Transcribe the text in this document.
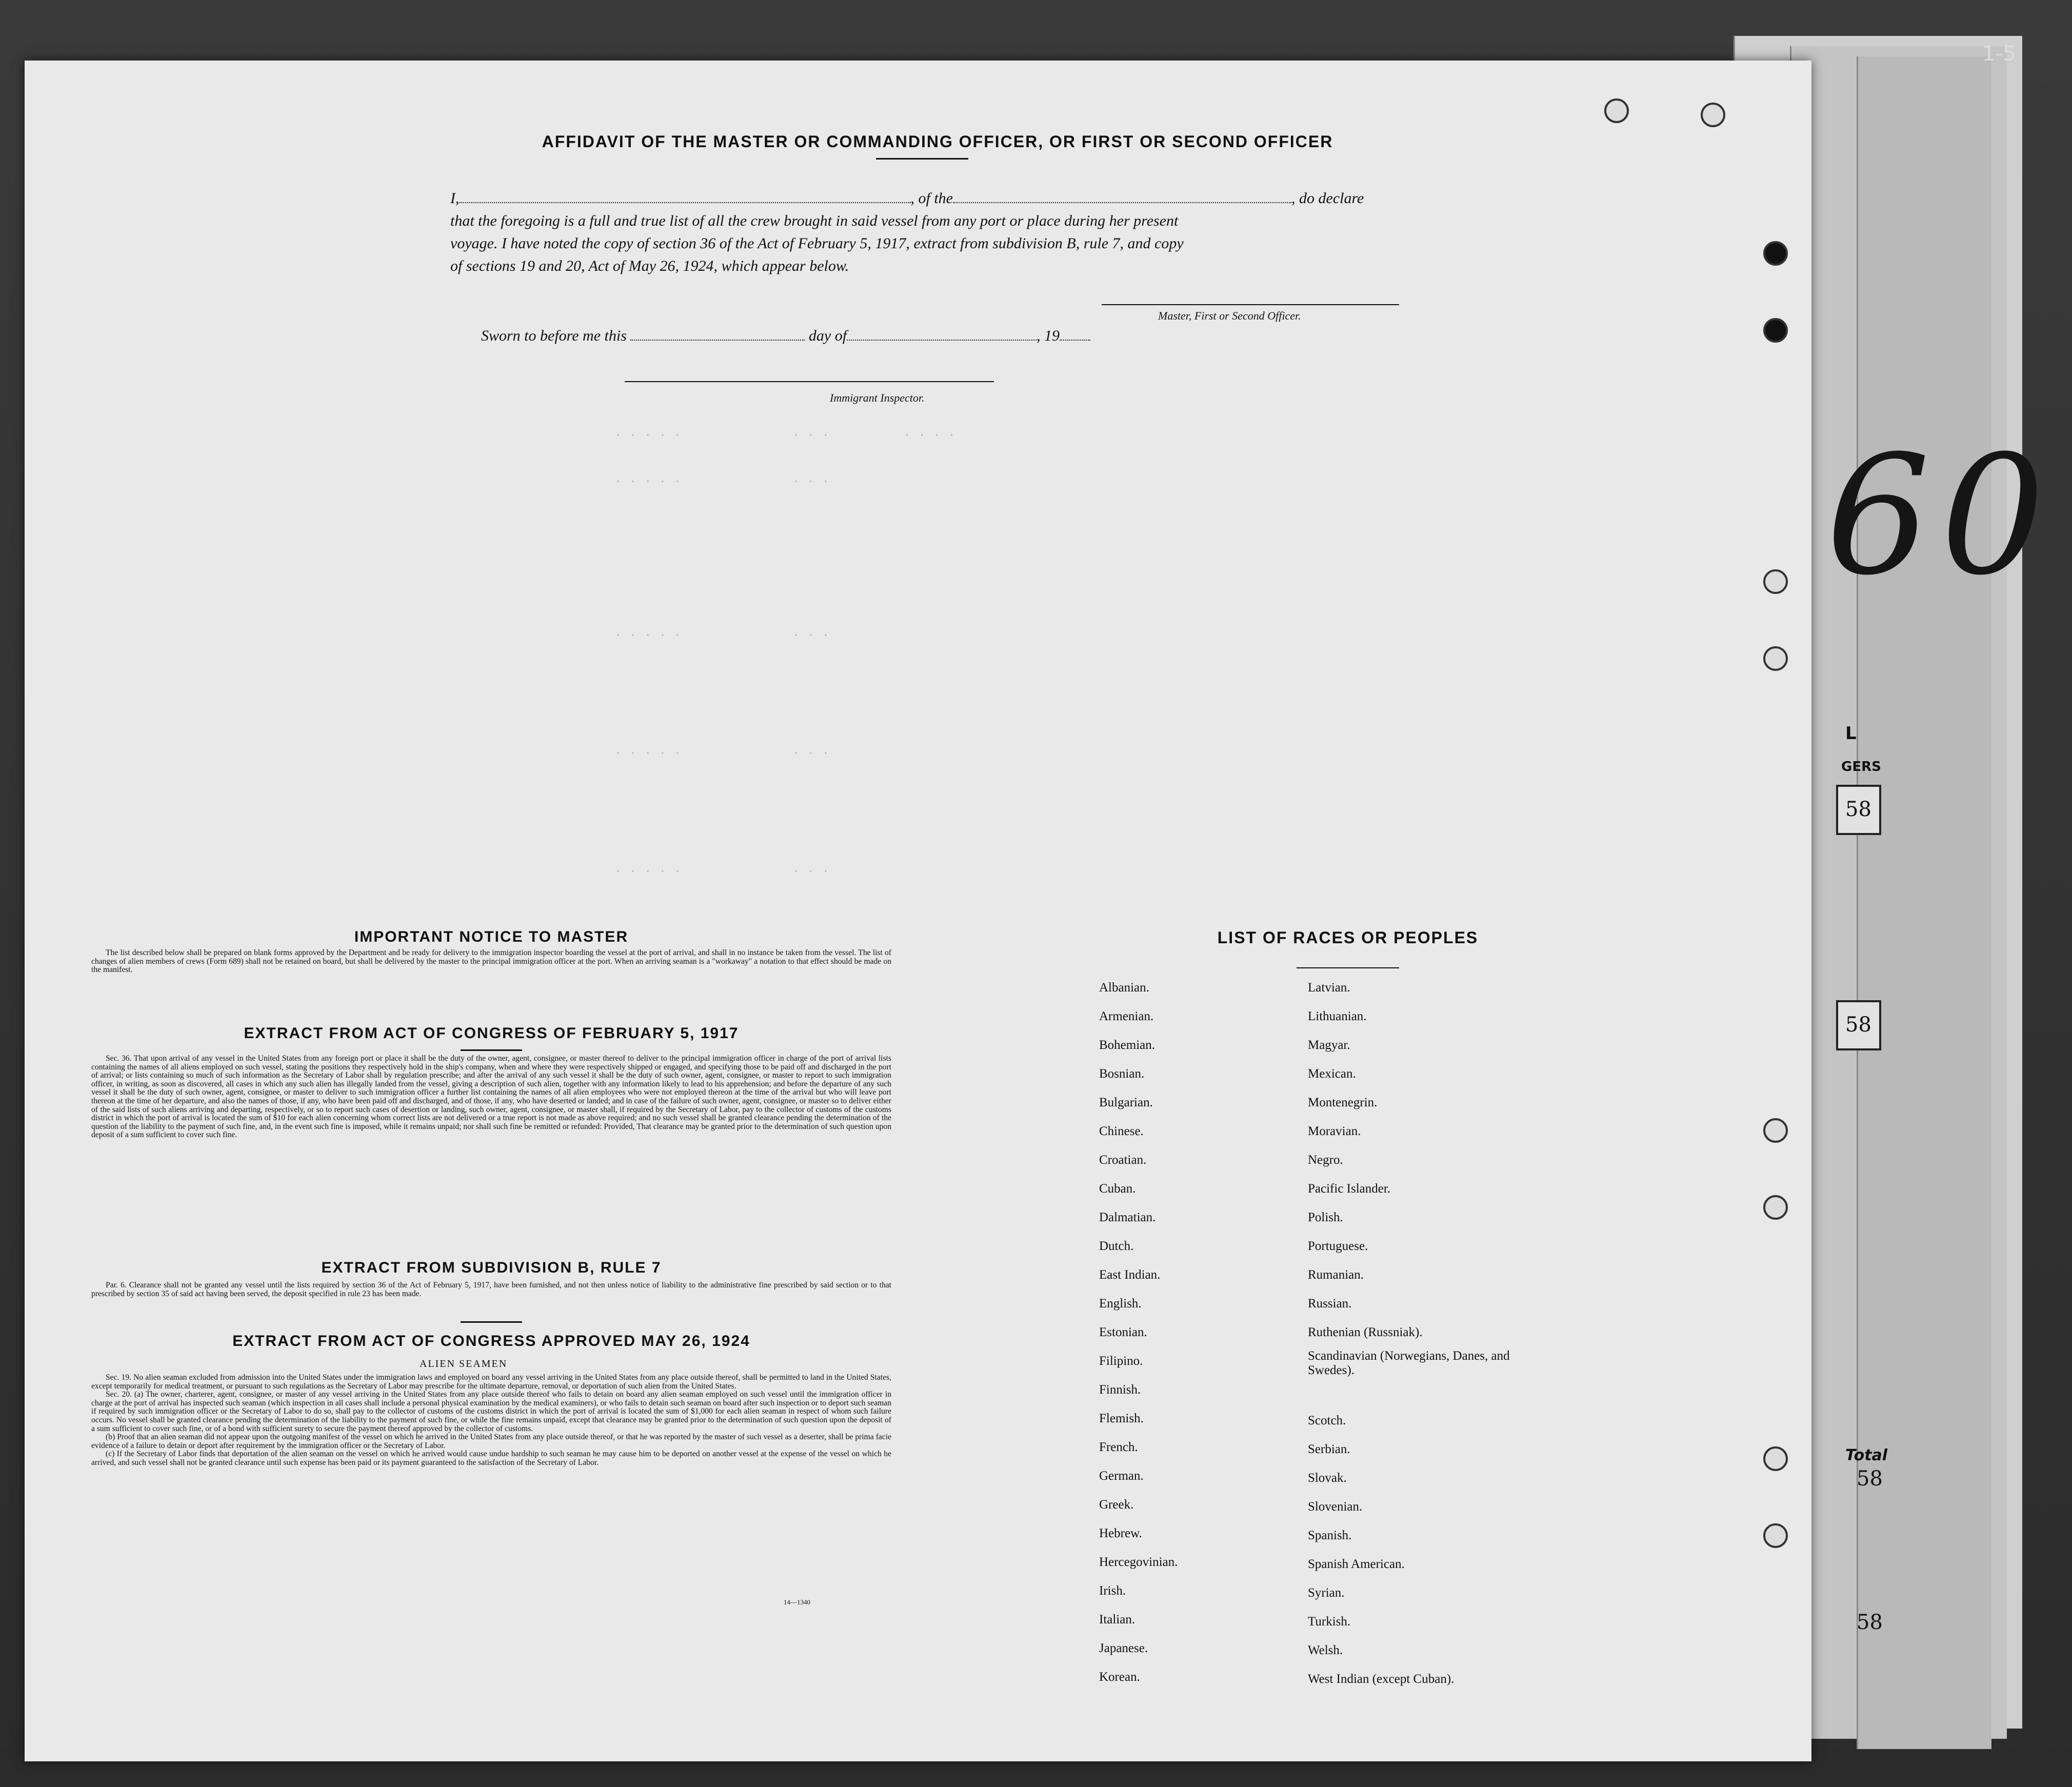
1-5
60
L
GERS
58
58
Total
58
58
. . . . .               . . .          . . . .
. . . . .               . . .
. . . . .               . . .
. . . . .               . . .
. . . . .               . . .
AFFIDAVIT OF THE MASTER OR COMMANDING OFFICER, OR FIRST OR SECOND OFFICER
I,	, of the	, do declare
that the foregoing is a full and true list of all the crew brought in said vessel from any port or place during her present
voyage. I have noted the copy of section 36 of the Act of February 5, 1917, extract from subdivision B, rule 7, and copy
of sections 19 and 20, Act of May 26, 1924, which appear below.
Master, First or Second Officer.
Sworn to before me this	day of	, 19
Immigrant Inspector.
IMPORTANT NOTICE TO MASTER

The list described below shall be prepared on blank forms approved by the Department and be ready for delivery to the immigration inspector boarding the vessel at the port of arrival, and shall in no instance be taken from the vessel. The list of changes of alien members of crews (Form 689) shall not be retained on board, but shall be delivered by the master to the principal immigration officer at the port. When an arriving seaman is a "workaway" a notation to that effect should be made on the manifest.

EXTRACT FROM ACT OF CONGRESS OF FEBRUARY 5, 1917

Sec. 36. That upon arrival of any vessel in the United States from any foreign port or place it shall be the duty of the owner, agent, consignee, or master thereof to deliver to the principal immigration officer in charge of the port of arrival lists containing the names of all aliens employed on such vessel, stating the positions they respectively hold in the ship's company, when and where they were respectively shipped or engaged, and specifying those to be paid off and discharged in the port of arrival; or lists containing so much of such information as the Secretary of Labor shall by regulation prescribe; and after the arrival of any such vessel it shall be the duty of such owner, agent, consignee, or master to report to such immigration officer, in writing, as soon as discovered, all cases in which any such alien has illegally landed from the vessel, giving a description of such alien, together with any information likely to lead to his apprehension; and before the departure of any such vessel it shall be the duty of such owner, agent, consignee, or master to deliver to such immigration officer a further list containing the names of all alien employees who were not employed thereon at the time of the arrival but who will leave port thereon at the time of her departure, and also the names of those, if any, who have been paid off and discharged, and of those, if any, who have deserted or landed; and in case of the failure of such owner, agent, consignee, or master so to deliver either of the said lists of such aliens arriving and departing, respectively, or so to report such cases of desertion or landing, such owner, agent, consignee, or master shall, if required by the Secretary of Labor, pay to the collector of customs of the customs district in which the port of arrival is located the sum of $10 for each alien concerning whom correct lists are not delivered or a true report is not made as above required; and no such vessel shall be granted clearance pending the determination of the question of the liability to the payment of such fine, and, in the event such fine is imposed, while it remains unpaid; nor shall such fine be remitted or refunded: Provided, That clearance may be granted prior to the determination of such question upon deposit of a sum sufficient to cover such fine.

EXTRACT FROM SUBDIVISION B, RULE 7

Par. 6. Clearance shall not be granted any vessel until the lists required by section 36 of the Act of February 5, 1917, have been furnished, and not then unless notice of liability to the administrative fine prescribed by said section or to that prescribed by section 35 of said act having been served, the deposit specified in rule 23 has been made.

EXTRACT FROM ACT OF CONGRESS APPROVED MAY 26, 1924
ALIEN SEAMEN

Sec. 19. No alien seaman excluded from admission into the United States under the immigration laws and employed on board any vessel arriving in the United States from any place outside thereof, shall be permitted to land in the United States, except temporarily for medical treatment, or pursuant to such regulations as the Secretary of Labor may prescribe for the ultimate departure, removal, or deportation of such alien from the United States.

Sec. 20. (a) The owner, charterer, agent, consignee, or master of any vessel arriving in the United States from any place outside thereof who fails to detain on board any alien seaman employed on such vessel until the immigration officer in charge at the port of arrival has inspected such seaman (which inspection in all cases shall include a personal physical examination by the medical examiners), or who fails to detain such seaman on board after such inspection or to deport such seaman if required by such immigration officer or the Secretary of Labor to do so, shall pay to the collector of customs of the customs district in which the port of arrival is located the sum of $1,000 for each alien seaman in respect of whom such failure occurs. No vessel shall be granted clearance pending the determination of the liability to the payment of such fine, or while the fine remains unpaid, except that clearance may be granted prior to the determination of such question upon the deposit of a sum sufficient to cover such fine, or of a bond with sufficient surety to secure the payment thereof approved by the collector of customs.

(b) Proof that an alien seaman did not appear upon the outgoing manifest of the vessel on which he arrived in the United States from any place outside thereof, or that he was reported by the master of such vessel as a deserter, shall be prima facie evidence of a failure to detain or deport after requirement by the immigration officer or the Secretary of Labor.

(c) If the Secretary of Labor finds that deportation of the alien seaman on the vessel on which he arrived would cause undue hardship to such seaman he may cause him to be deported on another vessel at the expense of the vessel on which he arrived, and such vessel shall not be granted clearance until such expense has been paid or its payment guaranteed to the satisfaction of the Secretary of Labor.

14—1340
LIST OF RACES OR PEOPLES
Albanian.
Armenian.
Bohemian.
Bosnian.
Bulgarian.
Chinese.
Croatian.
Cuban.
Dalmatian.
Dutch.
East Indian.
English.
Estonian.
Filipino.
Finnish.
Flemish.
French.
German.
Greek.
Hebrew.
Hercegovinian.
Irish.
Italian.
Japanese.
Korean.
Latvian.
Lithuanian.
Magyar.
Mexican.
Montenegrin.
Moravian.
Negro.
Pacific Islander.
Polish.
Portuguese.
Rumanian.
Russian.
Ruthenian (Russniak).
Scandinavian (Norwegians, Danes, and Swedes).
Scotch.
Serbian.
Slovak.
Slovenian.
Spanish.
Spanish American.
Syrian.
Turkish.
Welsh.
West Indian (except Cuban).
